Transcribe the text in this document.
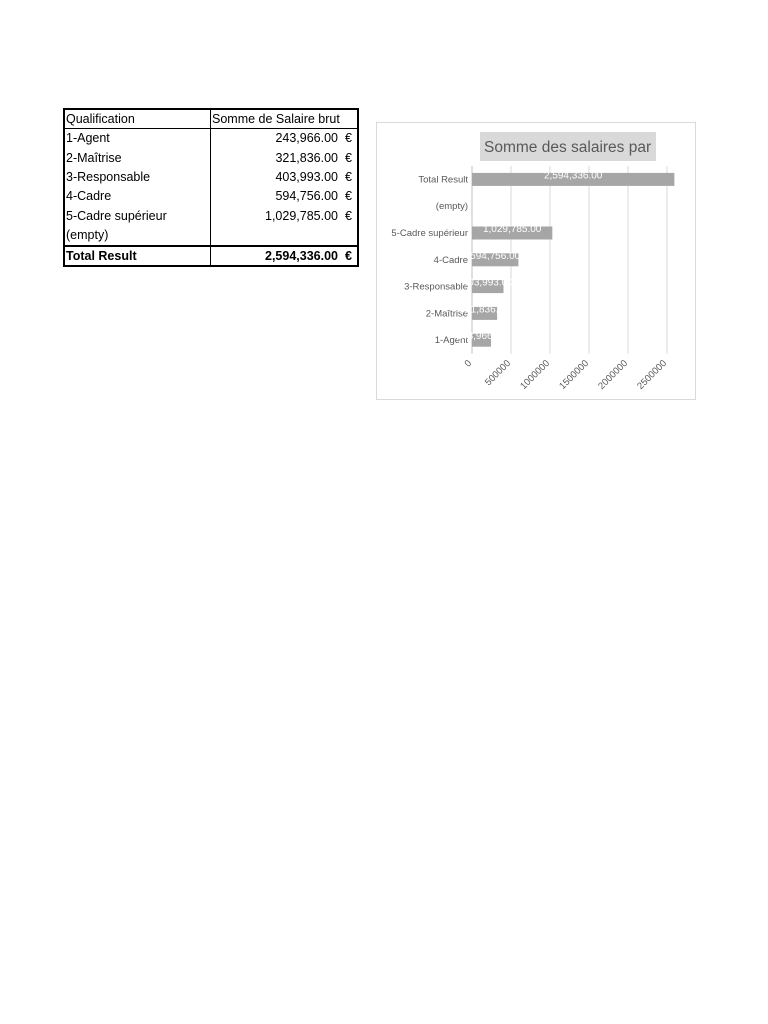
Qualification	Somme de Salaire brut
1-Agent	243,966.00 €
2-Maîtrise	321,836.00 €
3-Responsable	403,993.00 €
4-Cadre	594,756.00 €
5-Cadre supérieur	1,029,785.00 €
(empty)
Total Result	2,594,336.00 €
Somme des salaires par
0 500000 1000000 1500000 2000000 2500000
1-Agent
243,966.00
2-Maîtrise
321,836.00
3-Responsable
403,993.00
4-Cadre 594,756.00
5-Cadre supérieur 1,029,785.00
(empty)
Total Result	2,594,336.00
